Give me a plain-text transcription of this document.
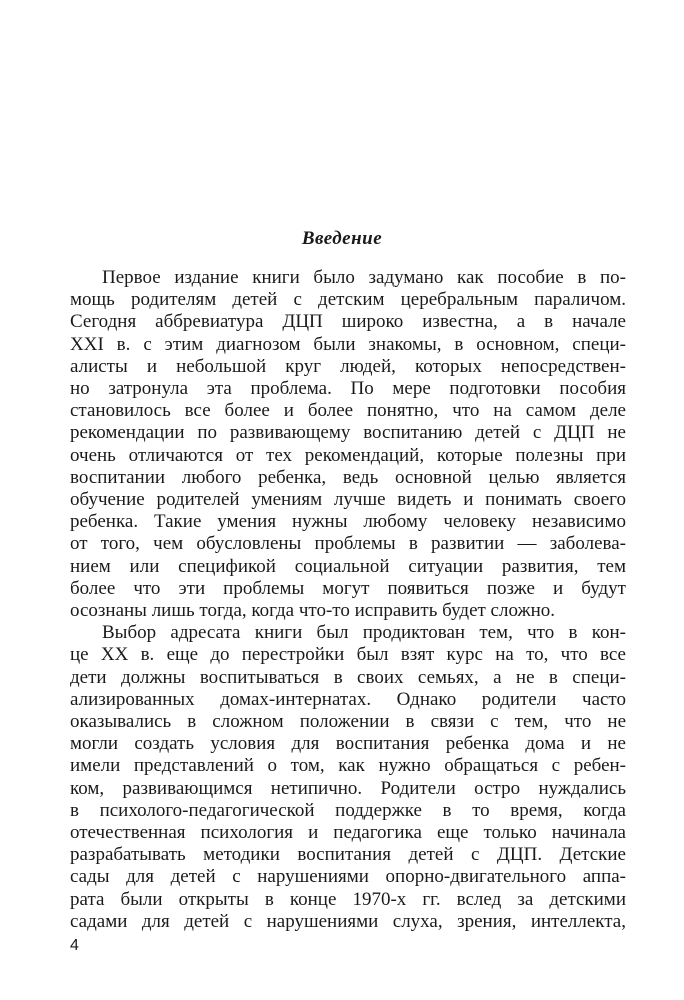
Введение
Первое издание книги было задумано как пособие в по-
мощь родителям детей с детским церебральным параличом.
Сегодня аббревиатура ДЦП широко известна, а в начале
XXI в. с этим диагнозом были знакомы, в основном, специ-
алисты и небольшой круг людей, которых непосредствен-
но затронула эта проблема. По мере подготовки пособия
становилось все более и более понятно, что на самом деле
рекомендации по развивающему воспитанию детей с ДЦП не
очень отличаются от тех рекомендаций, которые полезны при
воспитании любого ребенка, ведь основной целью является
обучение родителей умениям лучше видеть и понимать своего
ребенка. Такие умения нужны любому человеку независимо
от того, чем обусловлены проблемы в развитии — заболева-
нием или спецификой социальной ситуации развития, тем
более что эти проблемы могут появиться позже и будут
осознаны лишь тогда, когда что-то исправить будет сложно.
Выбор адресата книги был продиктован тем, что в кон-
це XX в. еще до перестройки был взят курс на то, что все
дети должны воспитываться в своих семьях, а не в специ-
ализированных домах-интернатах. Однако родители часто
оказывались в сложном положении в связи с тем, что не
могли создать условия для воспитания ребенка дома и не
имели представлений о том, как нужно обращаться с ребен-
ком, развивающимся нетипично. Родители остро нуждались
в психолого-педагогической поддержке в то время, когда
отечественная психология и педагогика еще только начинала
разрабатывать методики воспитания детей с ДЦП. Детские
сады для детей с нарушениями опорно-двигательного аппа-
рата были открыты в конце 1970-х гг. вслед за детскими
садами для детей с нарушениями слуха, зрения, интеллекта,
4
